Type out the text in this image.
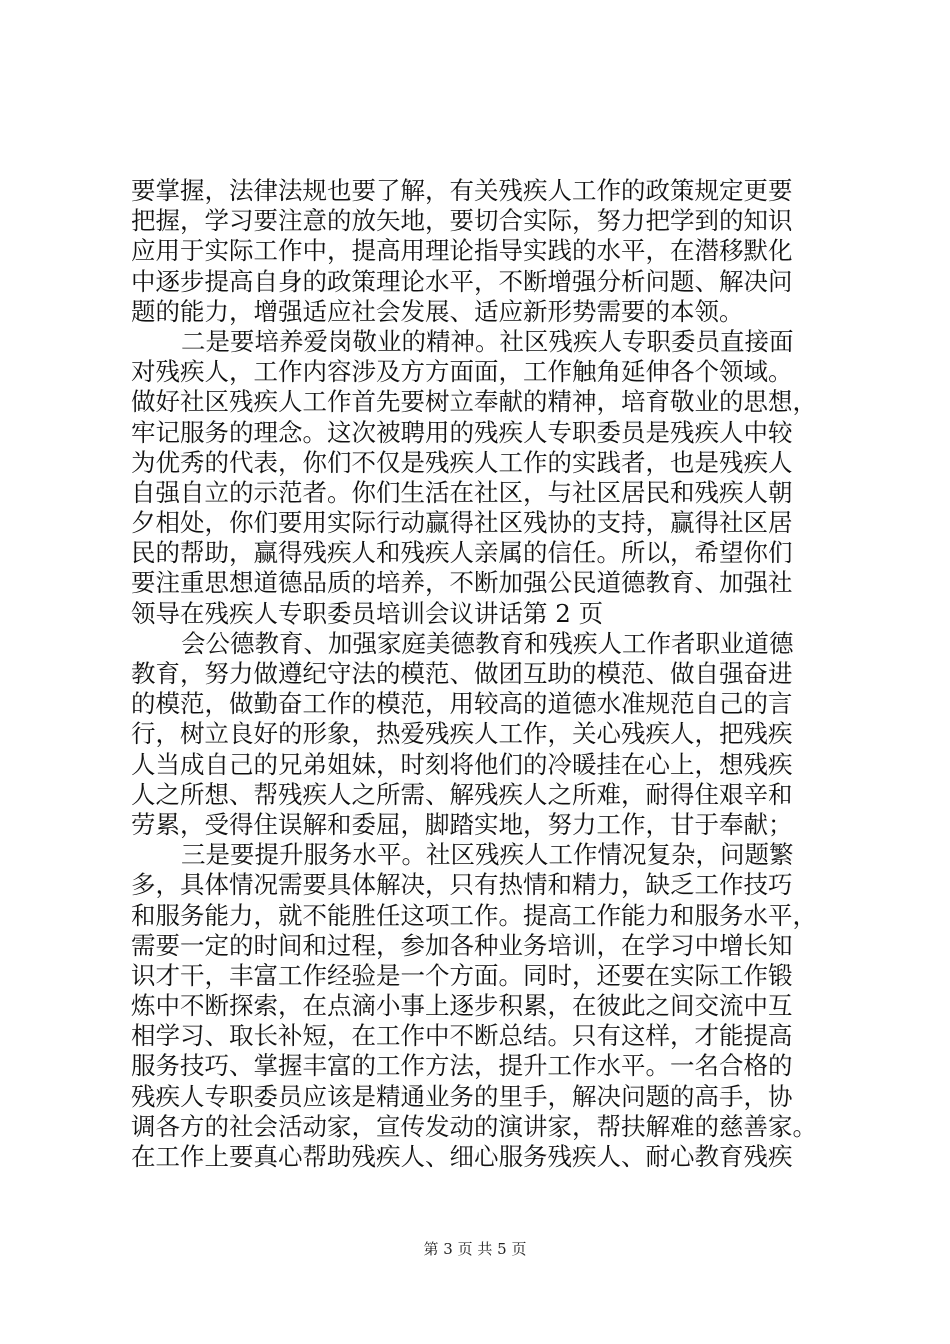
要掌握，法律法规也要了解，有关残疾人工作的政策规定更要
把握，学习要注意的放矢地，要切合实际，努力把学到的知识
应用于实际工作中，提高用理论指导实践的水平，在潜移默化
中逐步提高自身的政策理论水平，不断增强分析问题、解决问
题的能力，增强适应社会发展、适应新形势需要的本领。
二是要培养爱岗敬业的精神。社区残疾人专职委员直接面
对残疾人，工作内容涉及方方面面，工作触角延伸各个领域。
做好社区残疾人工作首先要树立奉献的精神，培育敬业的思想，
牢记服务的理念。这次被聘用的残疾人专职委员是残疾人中较
为优秀的代表，你们不仅是残疾人工作的实践者，也是残疾人
自强自立的示范者。你们生活在社区，与社区居民和残疾人朝
夕相处，你们要用实际行动赢得社区残协的支持，赢得社区居
民的帮助，赢得残疾人和残疾人亲属的信任。所以，希望你们
要注重思想道德品质的培养，不断加强公民道德教育、加强社
领导在残疾人专职委员培训会议讲话第 2 页
会公德教育、加强家庭美德教育和残疾人工作者职业道德
教育，努力做遵纪守法的模范、做团互助的模范、做自强奋进
的模范，做勤奋工作的模范，用较高的道德水准规范自己的言
行，树立良好的形象，热爱残疾人工作，关心残疾人，把残疾
人当成自己的兄弟姐妹，时刻将他们的冷暖挂在心上，想残疾
人之所想、帮残疾人之所需、解残疾人之所难，耐得住艰辛和
劳累，受得住误解和委屈，脚踏实地，努力工作，甘于奉献；
三是要提升服务水平。社区残疾人工作情况复杂，问题繁
多，具体情况需要具体解决，只有热情和精力，缺乏工作技巧
和服务能力，就不能胜任这项工作。提高工作能力和服务水平，
需要一定的时间和过程，参加各种业务培训，在学习中增长知
识才干，丰富工作经验是一个方面。同时，还要在实际工作锻
炼中不断探索，在点滴小事上逐步积累，在彼此之间交流中互
相学习、取长补短，在工作中不断总结。只有这样，才能提高
服务技巧、掌握丰富的工作方法，提升工作水平。一名合格的
残疾人专职委员应该是精通业务的里手，解决问题的高手，协
调各方的社会活动家，宣传发动的演讲家，帮扶解难的慈善家。
在工作上要真心帮助残疾人、细心服务残疾人、耐心教育残疾
第 3 页 共 5 页
